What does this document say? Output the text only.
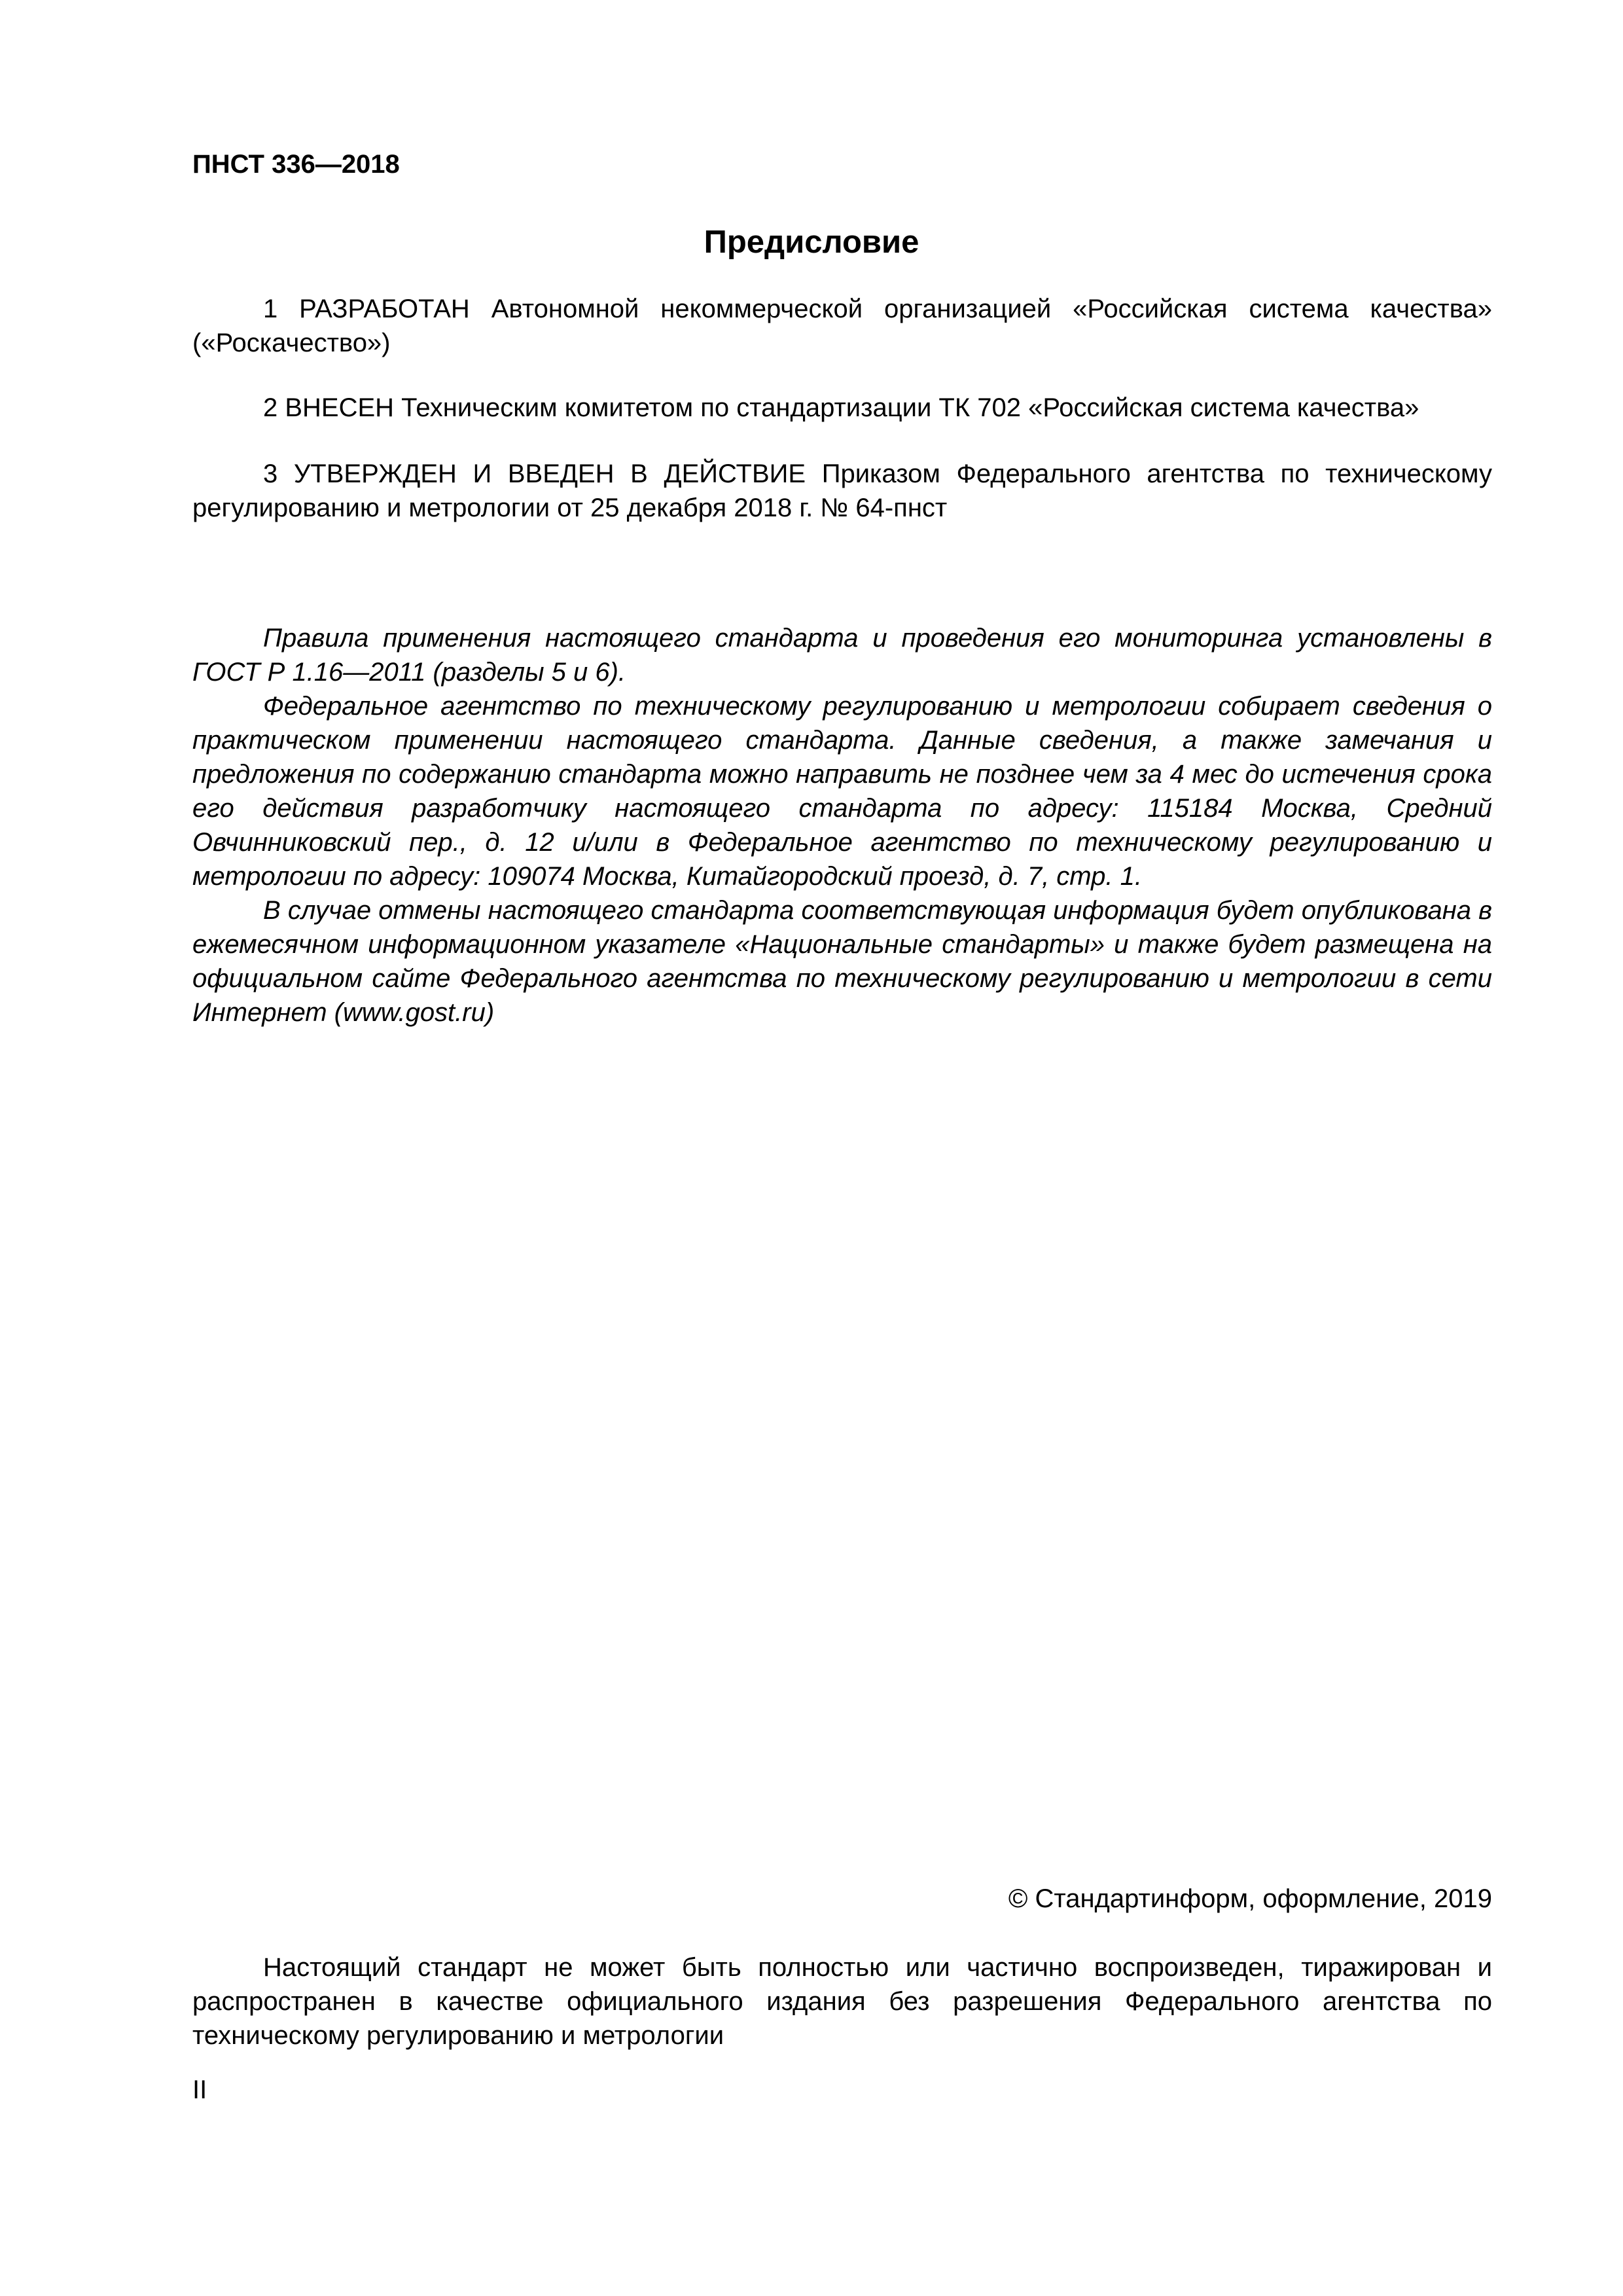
ПНСТ 336—2018
Предисловие

1 РАЗРАБОТАН Автономной некоммерческой организацией «Российская система качества» («Роскачество»)

2 ВНЕСЕН Техническим комитетом по стандартизации ТК 702 «Российская система качества»

3 УТВЕРЖДЕН И ВВЕДЕН В ДЕЙСТВИЕ Приказом Федерального агентства по техническому регулированию и метрологии от 25 декабря 2018 г. № 64-пнст

Правила применения настоящего стандарта и проведения его мониторинга установлены в ГОСТ Р 1.16—2011 (разделы 5 и 6).

Федеральное агентство по техническому регулированию и метрологии собирает сведения о практическом применении настоящего стандарта. Данные сведения, а также замечания и предложения по содержанию стандарта можно направить не позднее чем за 4 мес до истечения срока его действия разработчику настоящего стандарта по адресу: 115184 Москва, Средний Овчинниковский пер., д. 12 и/или в Федеральное агентство по техническому регулированию и метрологии по адресу: 109074 Москва, Китайгородский проезд, д. 7, стр. 1.

В случае отмены настоящего стандарта соответствующая информация будет опубликована в ежемесячном информационном указателе «Национальные стандарты» и также будет размещена на официальном сайте Федерального агентства по техническому регулированию и метрологии в сети Интернет (www.gost.ru)

© Стандартинформ, оформление, 2019

Настоящий стандарт не может быть полностью или частично воспроизведен, тиражирован и распространен в качестве официального издания без разрешения Федерального агентства по техническому регулированию и метрологии

II
